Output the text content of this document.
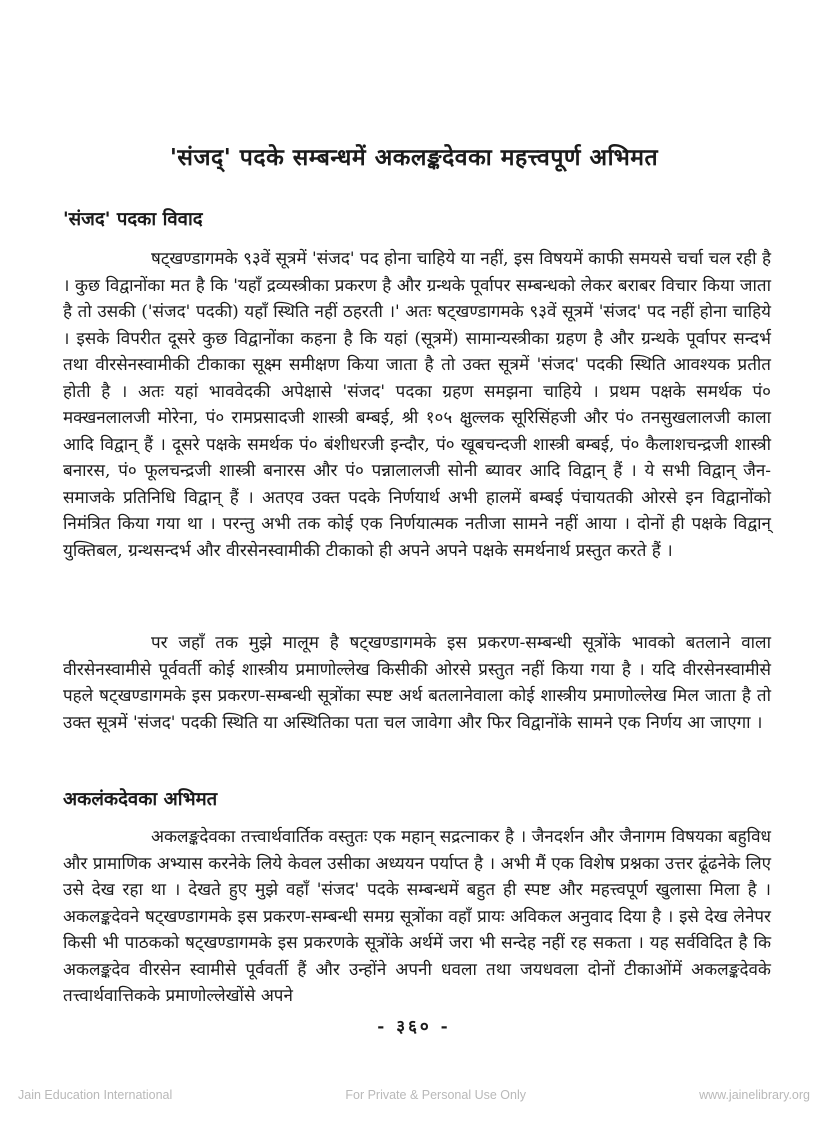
'संजद्' पदके सम्बन्धमें अकलङ्कदेवका महत्त्वपूर्ण अभिमत
'संजद' पदका विवाद
षट्खण्डागमके ९३वें सूत्रमें 'संजद' पद होना चाहिये या नहीं, इस विषयमें काफी समयसे चर्चा चल रही है । कुछ विद्वानोंका मत है कि 'यहाँ द्रव्यस्त्रीका प्रकरण है और ग्रन्थके पूर्वापर सम्बन्धको लेकर बराबर विचार किया जाता है तो उसकी ('संजद' पदकी) यहाँ स्थिति नहीं ठहरती ।' अतः षट्खण्डागमके ९३वें सूत्रमें 'संजद' पद नहीं होना चाहिये । इसके विपरीत दूसरे कुछ विद्वानोंका कहना है कि यहां (सूत्रमें) सामान्यस्त्रीका ग्रहण है और ग्रन्थके पूर्वापर सन्दर्भ तथा वीरसेनस्वामीकी टीकाका सूक्ष्म समीक्षण किया जाता है तो उक्त सूत्रमें 'संजद' पदकी स्थिति आवश्यक प्रतीत होती है । अतः यहां भाववेदकी अपेक्षासे 'संजद' पदका ग्रहण समझना चाहिये । प्रथम पक्षके समर्थक पं० मक्खनलालजी मोरेना, पं० रामप्रसादजी शास्त्री बम्बई, श्री १०५ क्षुल्लक सूरिसिंहजी और पं० तनसुखलालजी काला आदि विद्वान् हैं । दूसरे पक्षके समर्थक पं० बंशीधरजी इन्दौर, पं० खूबचन्दजी शास्त्री बम्बई, पं० कैलाशचन्द्रजी शास्त्री बनारस, पं० फूलचन्द्रजी शास्त्री बनारस और पं० पन्नालालजी सोनी ब्यावर आदि विद्वान् हैं । ये सभी विद्वान् जैन-समाजके प्रतिनिधि विद्वान् हैं । अतएव उक्त पदके निर्णयार्थ अभी हालमें बम्बई पंचायतकी ओरसे इन विद्वानोंको निमंत्रित किया गया था । परन्तु अभी तक कोई एक निर्णयात्मक नतीजा सामने नहीं आया । दोनों ही पक्षके विद्वान् युक्तिबल, ग्रन्थसन्दर्भ और वीरसेनस्वामीकी टीकाको ही अपने अपने पक्षके समर्थनार्थ प्रस्तुत करते हैं ।
पर जहाँ तक मुझे मालूम है षट्खण्डागमके इस प्रकरण-सम्बन्धी सूत्रोंके भावको बतलाने वाला वीरसेनस्वामीसे पूर्ववर्ती कोई शास्त्रीय प्रमाणोल्लेख किसीकी ओरसे प्रस्तुत नहीं किया गया है । यदि वीरसेनस्वामीसे पहले षट्खण्डागमके इस प्रकरण-सम्बन्धी सूत्रोंका स्पष्ट अर्थ बतलानेवाला कोई शास्त्रीय प्रमाणोल्लेख मिल जाता है तो उक्त सूत्रमें 'संजद' पदकी स्थिति या अस्थितिका पता चल जावेगा और फिर विद्वानोंके सामने एक निर्णय आ जाएगा ।
अकलंकदेवका अभिमत
अकलङ्कदेवका तत्त्वार्थवार्तिक वस्तुतः एक महान् सद्रत्नाकर है । जैनदर्शन और जैनागम विषयका बहुविध और प्रामाणिक अभ्यास करनेके लिये केवल उसीका अध्ययन पर्याप्त है । अभी मैं एक विशेष प्रश्नका उत्तर ढूंढनेके लिए उसे देख रहा था । देखते हुए मुझे वहाँ 'संजद' पदके सम्बन्धमें बहुत ही स्पष्ट और महत्त्वपूर्ण खुलासा मिला है । अकलङ्कदेवने षट्खण्डागमके इस प्रकरण-सम्बन्धी समग्र सूत्रोंका वहाँ प्रायः अविकल अनुवाद दिया है । इसे देख लेनेपर किसी भी पाठकको षट्खण्डागमके इस प्रकरणके सूत्रोंके अर्थमें जरा भी सन्देह नहीं रह सकता । यह सर्वविदित है कि अकलङ्कदेव वीरसेन स्वामीसे पूर्ववर्ती हैं और उन्होंने अपनी धवला तथा जयधवला दोनों टीकाओंमें अकलङ्कदेवके तत्त्वार्थवात्तिकके प्रमाणोल्लेखोंसे अपने
- ३६० -
Jain Education International	For Private & Personal Use Only	www.jainelibrary.org
